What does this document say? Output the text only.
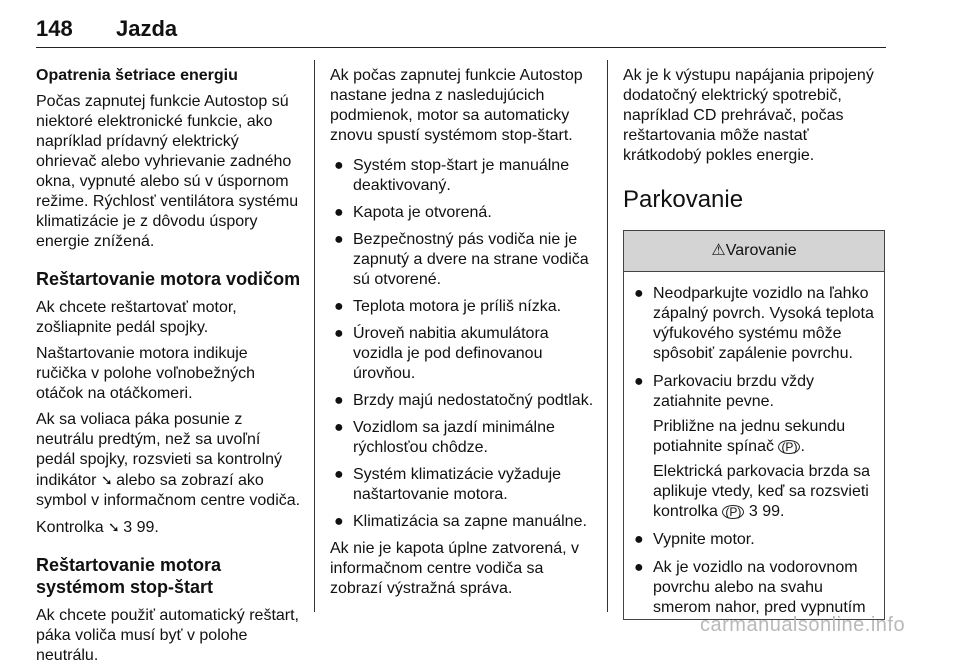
148 Jazda

Opatrenia šetriace energiu

Počas zapnutej funkcie Autostop sú niektoré elektronické funkcie, ako napríklad prídavný elektrický ohrievač alebo vyhrievanie zadného okna, vypnuté alebo sú v úspornom režime. Rýchlosť ventilátora systému klimatizácie je z dôvodu úspory energie znížená.

Reštartovanie motora vodičom

Ak chcete reštartovať motor, zošliapnite pedál spojky.

Naštartovanie motora indikuje ručička v polohe voľnobežných otáčok na otáčkomeri.

Ak sa voliaca páka posunie z neutrálu predtým, než sa uvoľní pedál spojky, rozsvieti sa kontrolný indikátor ➘ alebo sa zobrazí ako symbol v informačnom centre vodiča.

Kontrolka ➘ 3 99.

Reštartovanie motora systémom stop-štart

Ak chcete použiť automatický reštart, páka voliča musí byť v polohe neutrálu.

Ak počas zapnutej funkcie Autostop nastane jedna z nasledujúcich podmienok, motor sa automaticky znovu spustí systémom stop-štart.

● Systém stop-štart je manuálne deaktivovaný.
● Kapota je otvorená.
● Bezpečnostný pás vodiča nie je zapnutý a dvere na strane vodiča sú otvorené.
● Teplota motora je príliš nízka.
● Úroveň nabitia akumulátora vozidla je pod definovanou úrovňou.
● Brzdy majú nedostatočný podtlak.
● Vozidlom sa jazdí minimálne rýchlosťou chôdze.
● Systém klimatizácie vyžaduje naštartovanie motora.
● Klimatizácia sa zapne manuálne.

Ak nie je kapota úplne zatvorená, v informačnom centre vodiča sa zobrazí výstražná správa.

Ak je k výstupu napájania pripojený dodatočný elektrický spotrebič, napríklad CD prehrávač, počas reštartovania môže nastať krátkodobý pokles energie.

Parkovanie
⚠Varovanie
● Neodparkujte vozidlo na ľahko zápalný povrch. Vysoká teplota výfukového systému môže spôsobiť zapálenie povrchu.
● Parkovaciu brzdu vždy zatiahnite pevne.
Približne na jednu sekundu potiahnite spínač (P) .
Elektrická parkovacia brzda sa aplikuje vtedy, keď sa rozsvieti kontrolka (P) 3 99.
● Vypnite motor.
● Ak je vozidlo na vodorovnom povrchu alebo na svahu smerom nahor, pred vypnutím
carmanualsonline.info
